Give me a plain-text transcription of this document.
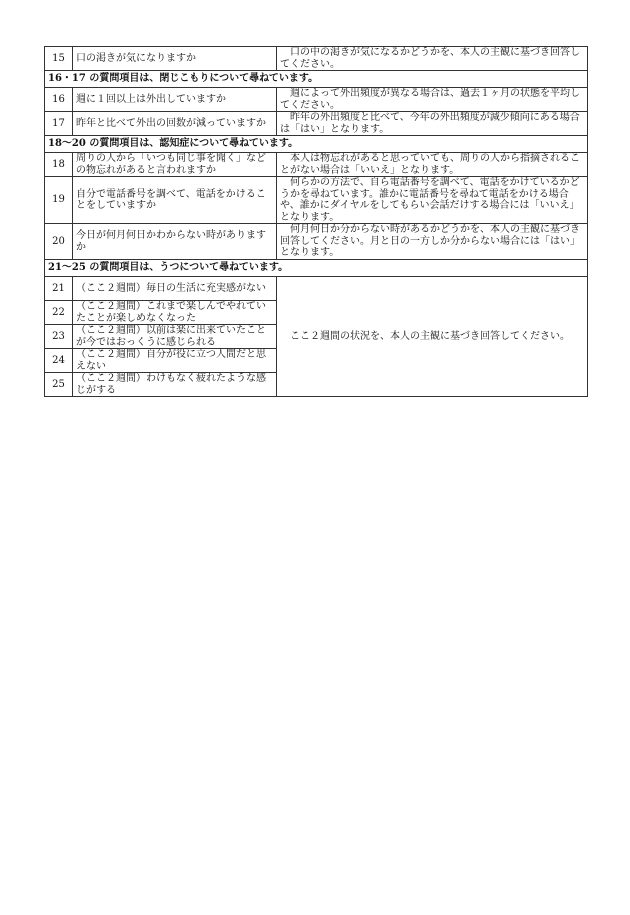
15	口の渇きが気になりますか	口の中の渇きが気になるかどうかを、本人の主観に基づき回答してください。
16・17 の質問項目は、閉じこもりについて尋ねています。		
16	週に１回以上は外出していますか	週によって外出頻度が異なる場合は、過去１ヶ月の状態を平均してください。
17	昨年と比べて外出の回数が減っていますか	昨年の外出頻度と比べて、今年の外出頻度が減少傾向にある場合は「はい」となります。
18〜20 の質問項目は、認知症について尋ねています。		
18	周りの人から「いつも同じ事を聞く」などの物忘れがあると言われますか	本人は物忘れがあると思っていても、周りの人から指摘されることがない場合は「いいえ」となります。
19	自分で電話番号を調べて、電話をかけることをしていますか	何らかの方法で、自ら電話番号を調べて、電話をかけているかどうかを尋ねています。誰かに電話番号を尋ねて電話をかける場合や、誰かにダイヤルをしてもらい会話だけする場合には「いいえ」となります。
20	今日が何月何日かわからない時がありますか	何月何日か分からない時があるかどうかを、本人の主観に基づき回答してください。月と日の一方しか分からない場合には「はい」となります。
21〜25 の質問項目は、うつについて尋ねています。		
21	（ここ２週間）毎日の生活に充実感がない	ここ２週間の状況を、本人の主観に基づき回答してください。
22	（ここ２週間）これまで楽しんでやれていたことが楽しめなくなった	
23	（ここ２週間）以前は楽に出来ていたことが今ではおっくうに感じられる	
24	（ここ２週間）自分が役に立つ人間だと思えない	
25	（ここ２週間）わけもなく疲れたような感じがする	
